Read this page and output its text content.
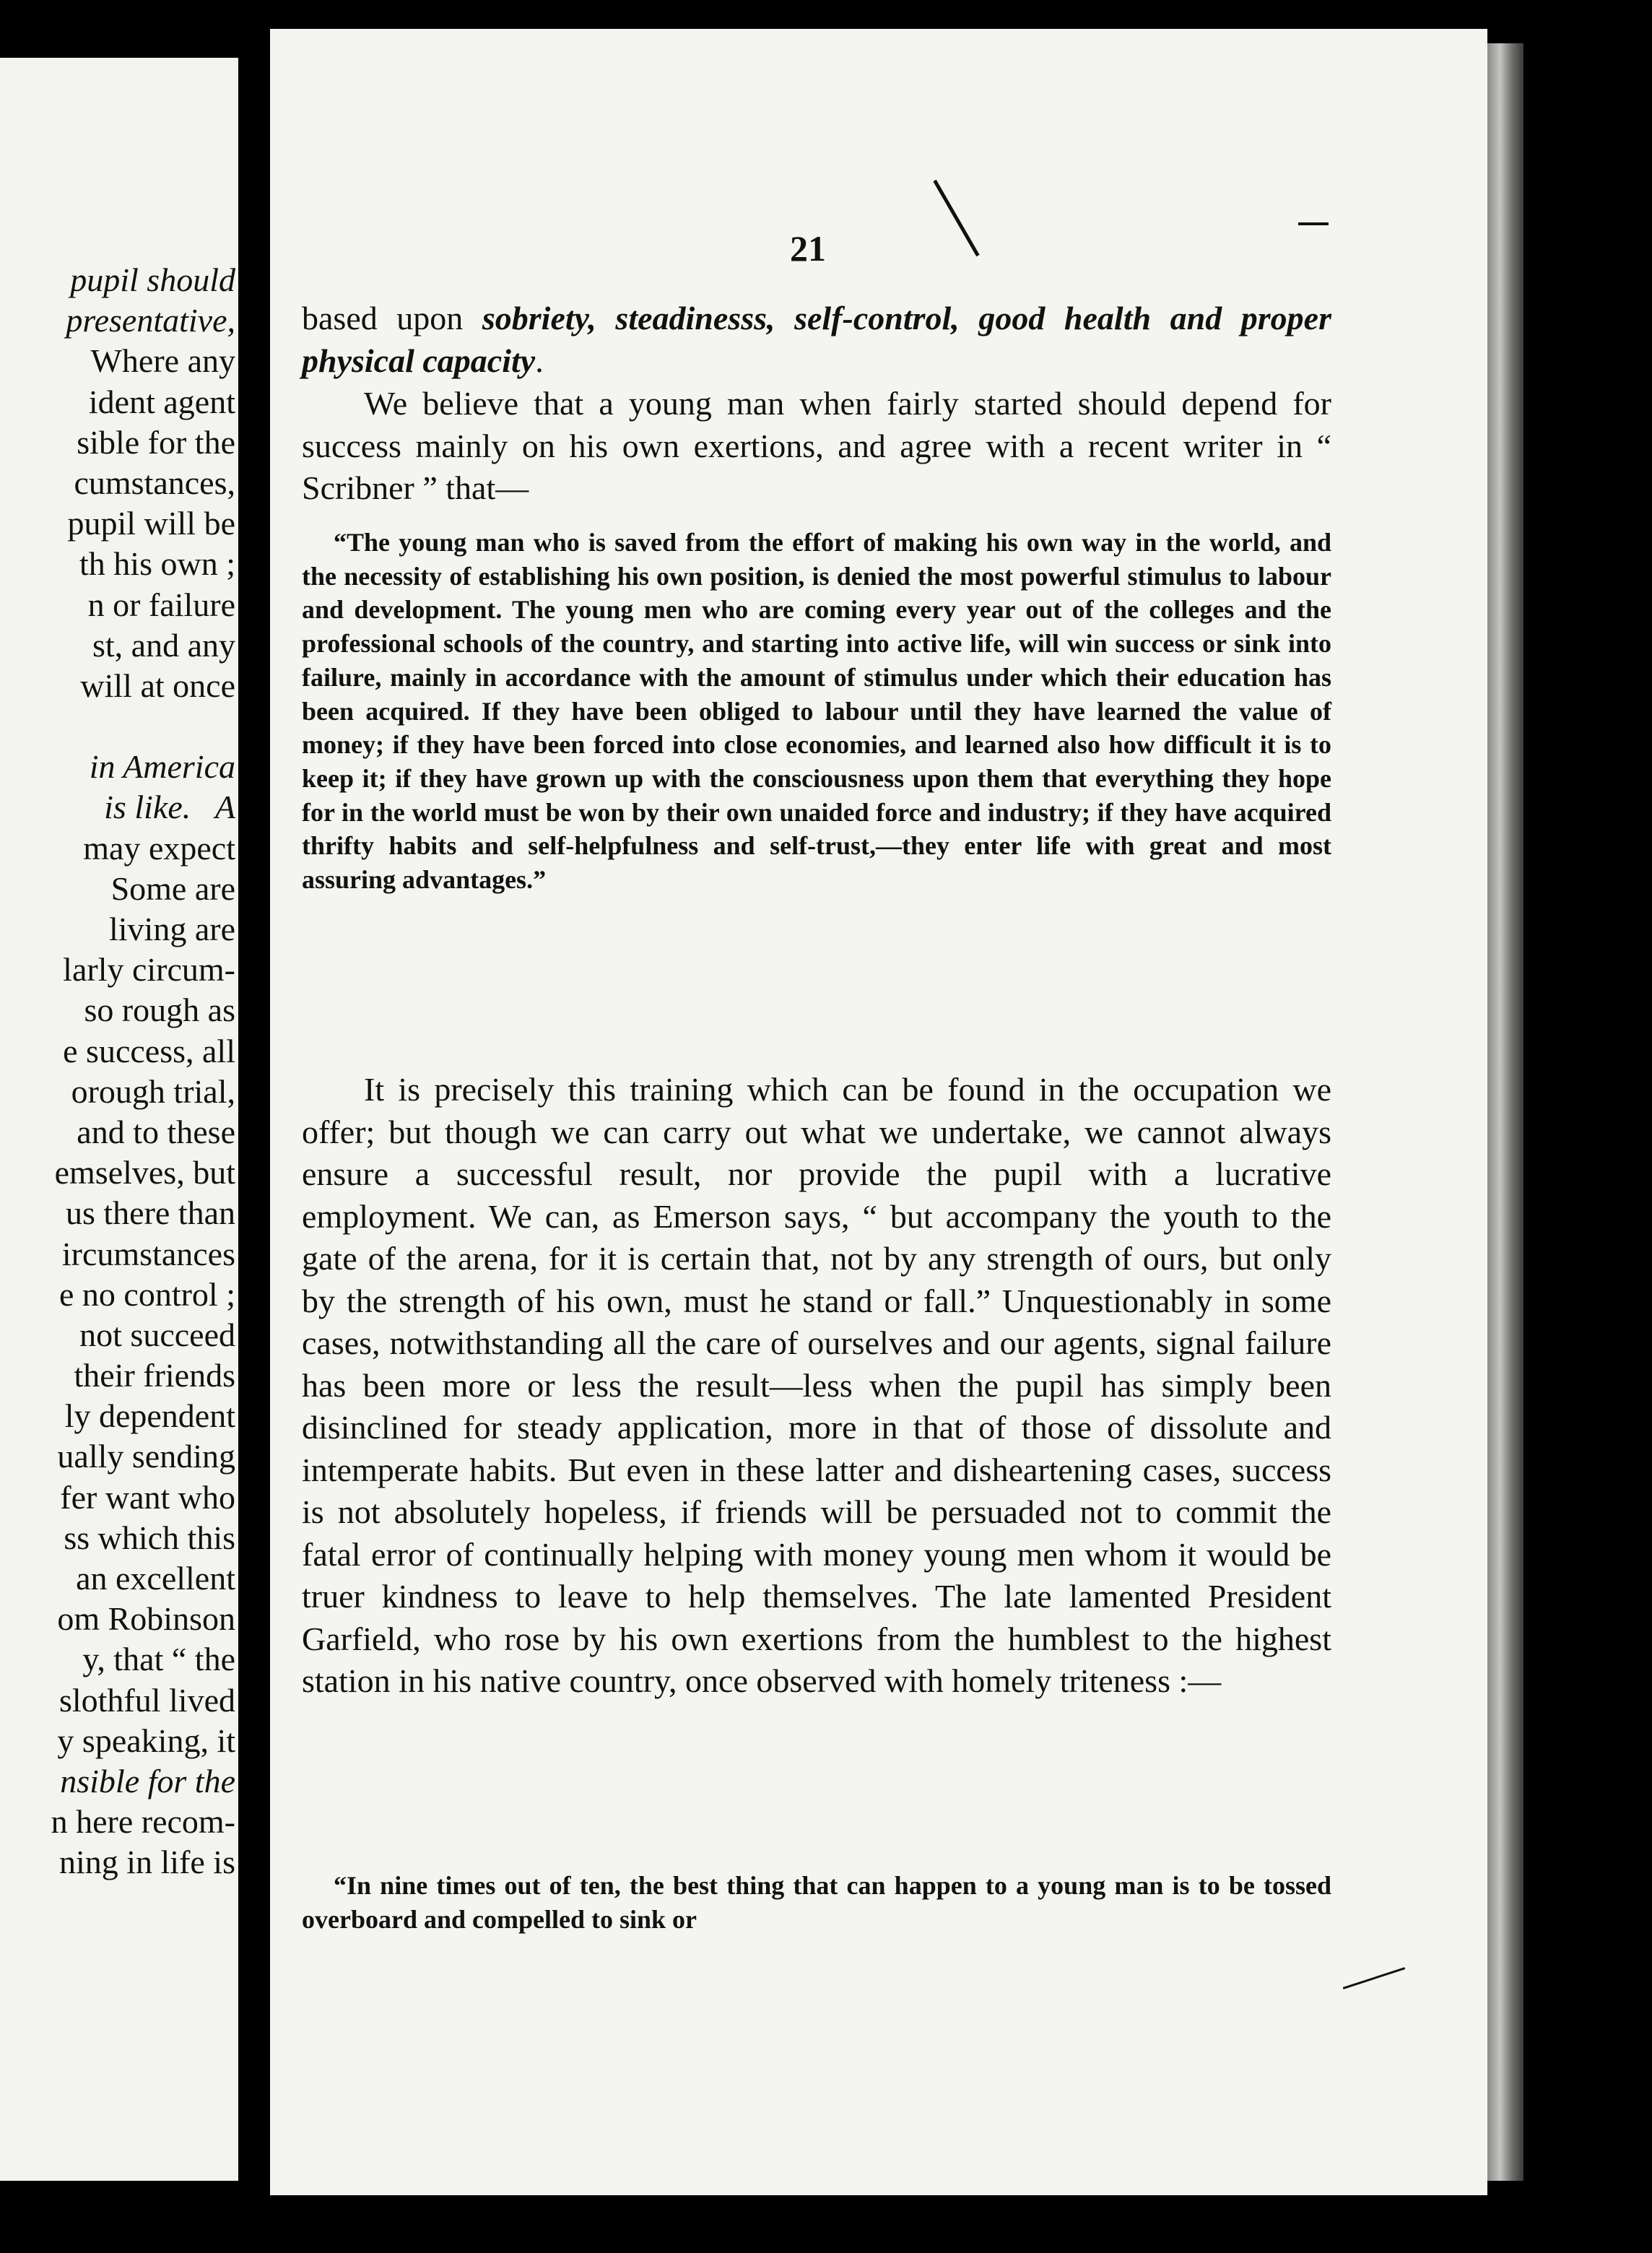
pupil should
presentative,
Where any
ident agent
sible for the
cumstances,
pupil will be
th his own ;
n or failure
st, and any
will at once
in America
is like.   A
may expect
Some are
living are
larly circum-
so rough as
e success, all
orough trial,
and to these
emselves, but
us there than
ircumstances
e no control ;
not succeed
their friends
ly dependent
ually sending
fer want who
ss which this
an excellent
om Robinson
y, that “ the
slothful lived
y speaking, it
nsible for the
n here recom-
ning in life is
21

based upon sobriety, steadinesss, self-control, good health and proper physical capacity.

We believe that a young man when fairly started should depend for success mainly on his own exertions, and agree with a recent writer in “ Scribner ” that—

“The young man who is saved from the effort of making his own way in the world, and the necessity of establishing his own position, is denied the most powerful stimulus to labour and development. The young men who are coming every year out of the colleges and the professional schools of the country, and starting into active life, will win success or sink into failure, mainly in accordance with the amount of stimulus under which their education has been acquired. If they have been obliged to labour until they have learned the value of money; if they have been forced into close economies, and learned also how difficult it is to keep it; if they have grown up with the consciousness upon them that everything they hope for in the world must be won by their own unaided force and industry; if they have acquired thrifty habits and self-helpfulness and self-trust,—they enter life with great and most assuring advantages.”

It is precisely this training which can be found in the occupation we offer; but though we can carry out what we undertake, we cannot always ensure a successful result, nor provide the pupil with a lucrative employment. We can, as Emerson says, “ but accompany the youth to the gate of the arena, for it is certain that, not by any strength of ours, but only by the strength of his own, must he stand or fall.” Unquestionably in some cases, notwithstanding all the care of ourselves and our agents, signal failure has been more or less the result—less when the pupil has simply been disinclined for steady application, more in that of those of dissolute and intemperate habits. But even in these latter and disheartening cases, success is not absolutely hopeless, if friends will be persuaded not to commit the fatal error of continually helping with money young men whom it would be truer kindness to leave to help themselves. The late lamented President Garfield, who rose by his own exertions from the humblest to the highest station in his native country, once observed with homely triteness :—

“In nine times out of ten, the best thing that can happen to a young man is to be tossed overboard and compelled to sink or
